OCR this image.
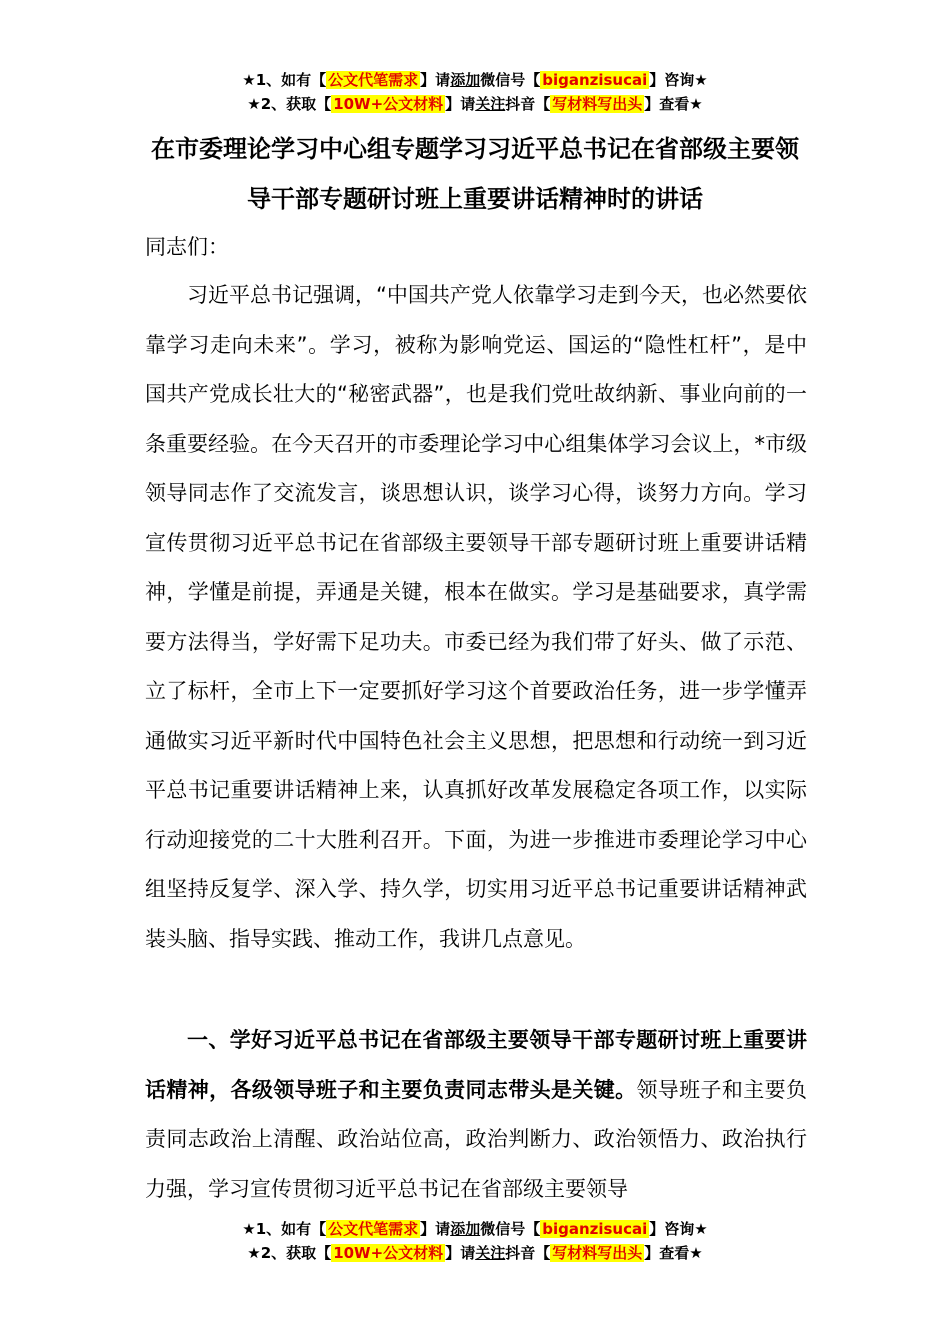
★1、如有【 公文代笔需求 】请添加微信号【 biganzisucai 】咨询★
★2、获取【 10W+公文材料 】请关注抖音【 写材料写出头 】查看★
在市委理论学习中心组专题学习习近平总书记在省部级主要领导干部专题研讨班上重要讲话精神时的讲话

同志们：

习近平总书记强调，“中国共产党人依靠学习走到今天，也必然要依靠学习走向未来”。学习，被称为影响党运、国运的“隐性杠杆”，是中国共产党成长壮大的“秘密武器”，也是我们党吐故纳新、事业向前的一条重要经验。在今天召开的市委理论学习中心组集体学习会议上，*市级领导同志作了交流发言，谈思想认识，谈学习心得，谈努力方向。学习宣传贯彻习近平总书记在省部级主要领导干部专题研讨班上重要讲话精神，学懂是前提，弄通是关键，根本在做实。学习是基础要求，真学需要方法得当，学好需下足功夫。市委已经为我们带了好头、做了示范、立了标杆，全市上下一定要抓好学习这个首要政治任务，进一步学懂弄通做实习近平新时代中国特色社会主义思想，把思想和行动统一到习近平总书记重要讲话精神上来，认真抓好改革发展稳定各项工作，以实际行动迎接党的二十大胜利召开。下面，为进一步推进市委理论学习中心组坚持反复学、深入学、持久学，切实用习近平总书记重要讲话精神武装头脑、指导实践、推动工作，我讲几点意见。

一、学好习近平总书记在省部级主要领导干部专题研讨班上重要讲话精神，各级领导班子和主要负责同志带头是关键。领导班子和主要负责同志政治上清醒、政治站位高，政治判断力、政治领悟力、政治执行力强，学习宣传贯彻习近平总书记在省部级主要领导

★1、如有【 公文代笔需求 】请添加微信号【 biganzisucai 】咨询★
★2、获取【 10W+公文材料 】请关注抖音【 写材料写出头 】查看★
